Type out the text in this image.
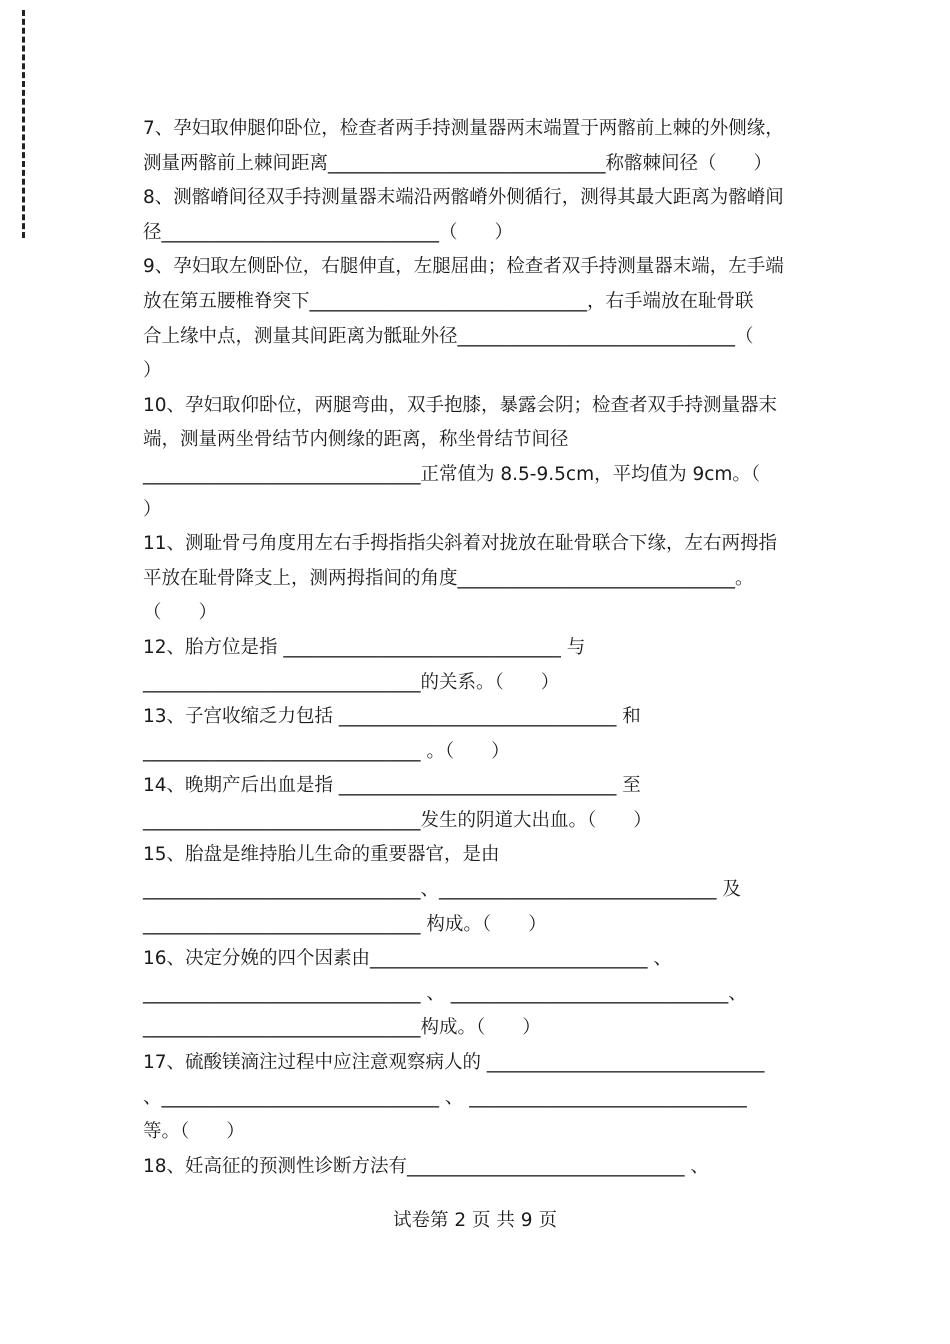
7、孕妇取伸腿仰卧位，检查者两手持测量器两末端置于两髂前上棘的外侧缘，
测量两髂前上棘间距离______________________________称髂棘间径（　　）
8、测髂嵴间径双手持测量器末端沿两髂嵴外侧循行，测得其最大距离为髂嵴间
径______________________________（　　）
9、孕妇取左侧卧位，右腿伸直，左腿屈曲；检查者双手持测量器末端，左手端
放在第五腰椎脊突下______________________________，右手端放在耻骨联
合上缘中点，测量其间距离为骶耻外径______________________________（
）
10、孕妇取仰卧位，两腿弯曲，双手抱膝，暴露会阴；检查者双手持测量器末
端，测量两坐骨结节内侧缘的距离，称坐骨结节间径
______________________________正常值为 8.5-9.5cm，平均值为 9cm。（
）
11、测耻骨弓角度用左右手拇指指尖斜着对拢放在耻骨联合下缘，左右两拇指
平放在耻骨降支上，测两拇指间的角度______________________________。
（　　）
12、胎方位是指 ______________________________ 与
______________________________的关系。（　　）
13、子宫收缩乏力包括 ______________________________ 和
______________________________ 。（　　）
14、晚期产后出血是指 ______________________________ 至
______________________________发生的阴道大出血。（　　）
15、胎盘是维持胎儿生命的重要器官，是由
______________________________、______________________________ 及
______________________________ 构成。（　　）
16、决定分娩的四个因素由______________________________ 、
______________________________ 、 ______________________________、
______________________________构成。（　　）
17、硫酸镁滴注过程中应注意观察病人的 ______________________________
、______________________________ 、 ______________________________
等。（　　）
18、妊高征的预测性诊断方法有______________________________ 、
试卷第 2 页 共 9 页
